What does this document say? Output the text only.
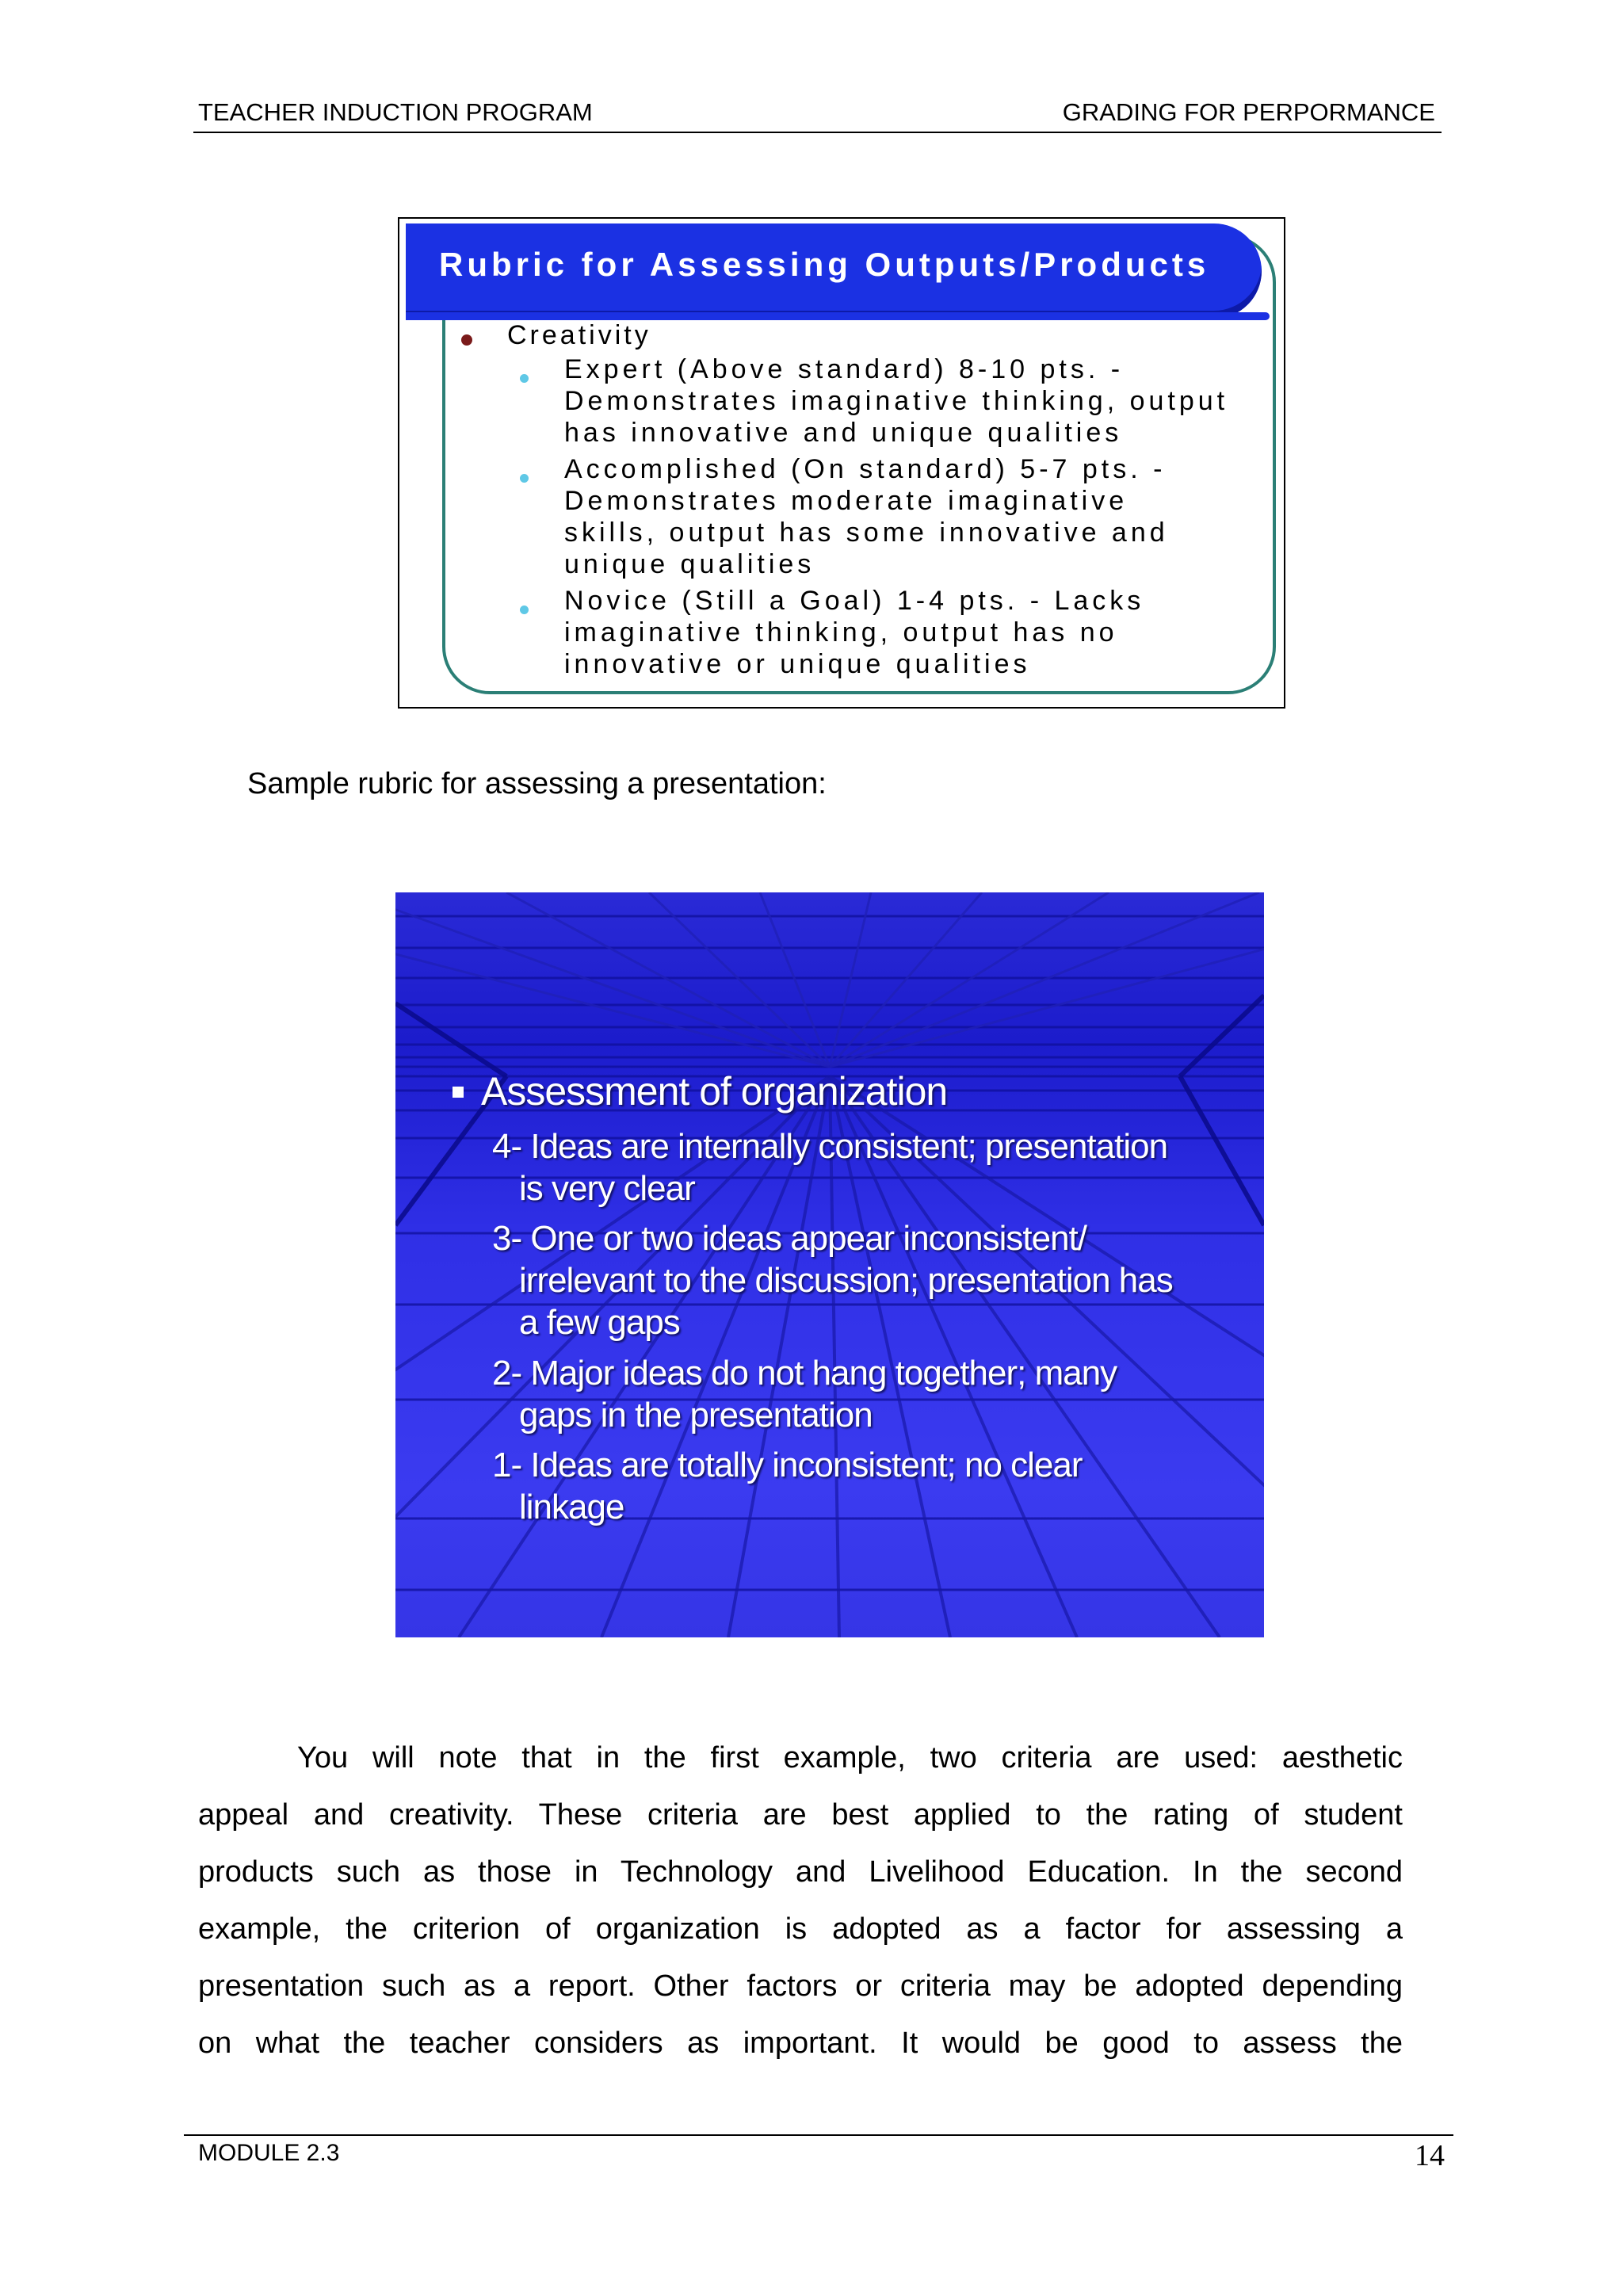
TEACHER INDUCTION PROGRAM	GRADING FOR PERPORMANCE
Rubric for Assessing Outputs/Products
Creativity
Expert (Above standard) 8-10 pts. -
Demonstrates imaginative thinking, output
has innovative and unique qualities
Accomplished (On standard) 5-7 pts. -
Demonstrates moderate imaginative
skills, output has some innovative and
unique qualities
Novice (Still a Goal) 1-4 pts. - Lacks
imaginative thinking, output has no
innovative or unique qualities
Sample rubric for assessing a presentation:
Assessment of organization
4- Ideas are internally consistent; presentation
is very clear
3- One or two ideas appear inconsistent/
irrelevant to the discussion; presentation has
a few gaps
2- Major ideas do not hang together; many
gaps in the presentation
1- Ideas are totally inconsistent; no clear
linkage
You will note that in the first example, two criteria are used: aesthetic
appeal and creativity. These criteria are best applied to the rating of student
products such as those in Technology and Livelihood Education. In the second
example, the criterion of organization is adopted as a factor for assessing a
presentation such as a report. Other factors or criteria may be adopted depending
on what the teacher considers as important. It would be good to assess the
MODULE 2.3	14
